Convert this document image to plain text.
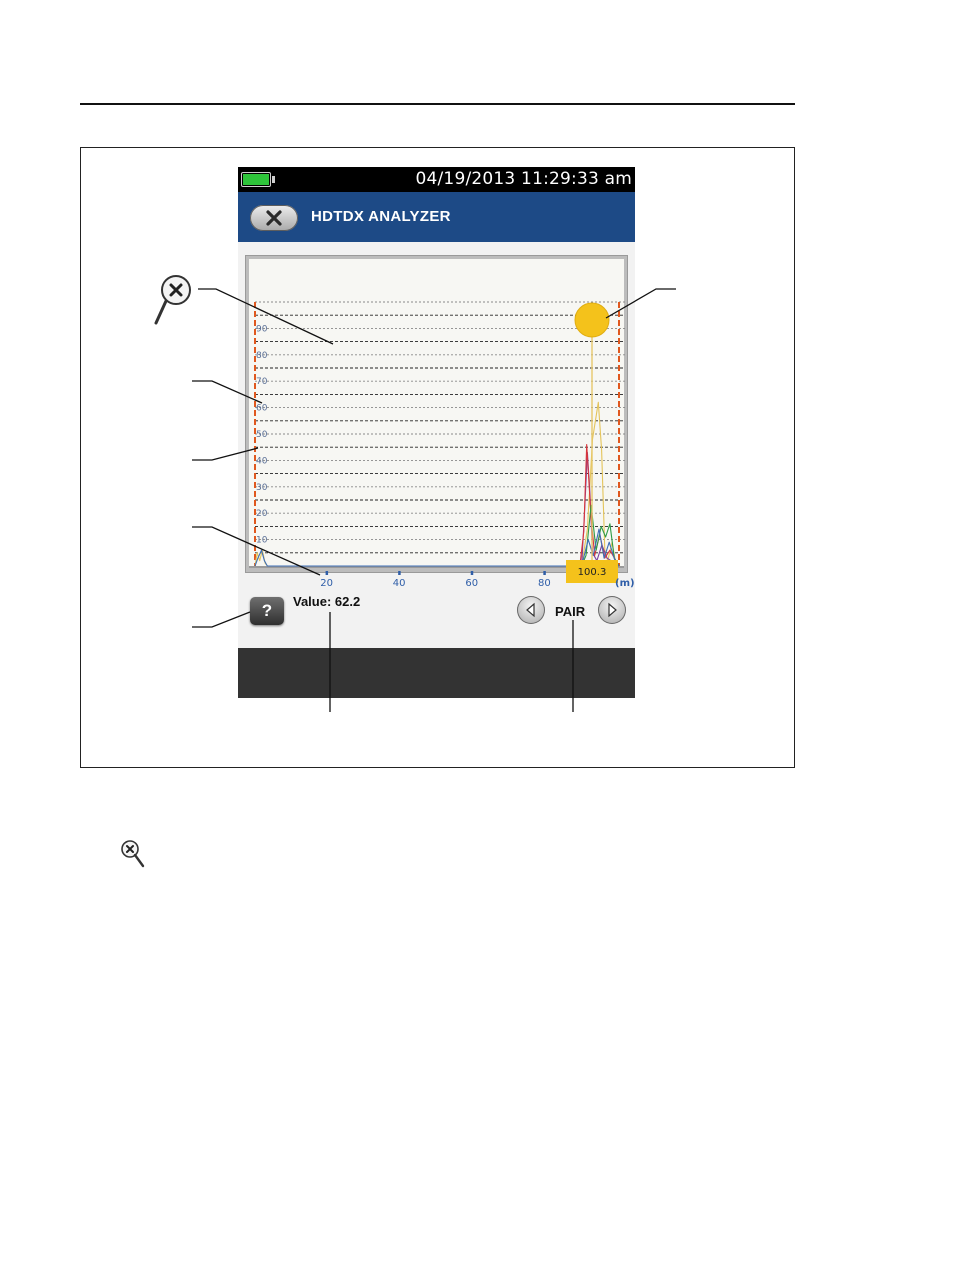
04/19/2013 11:29:33 am
HDTDX ANALYZER
10
20
30
40
50
60
70
80
90
100.3
?	Value: 62.2
PAIR
20	40	60	80	(m)
